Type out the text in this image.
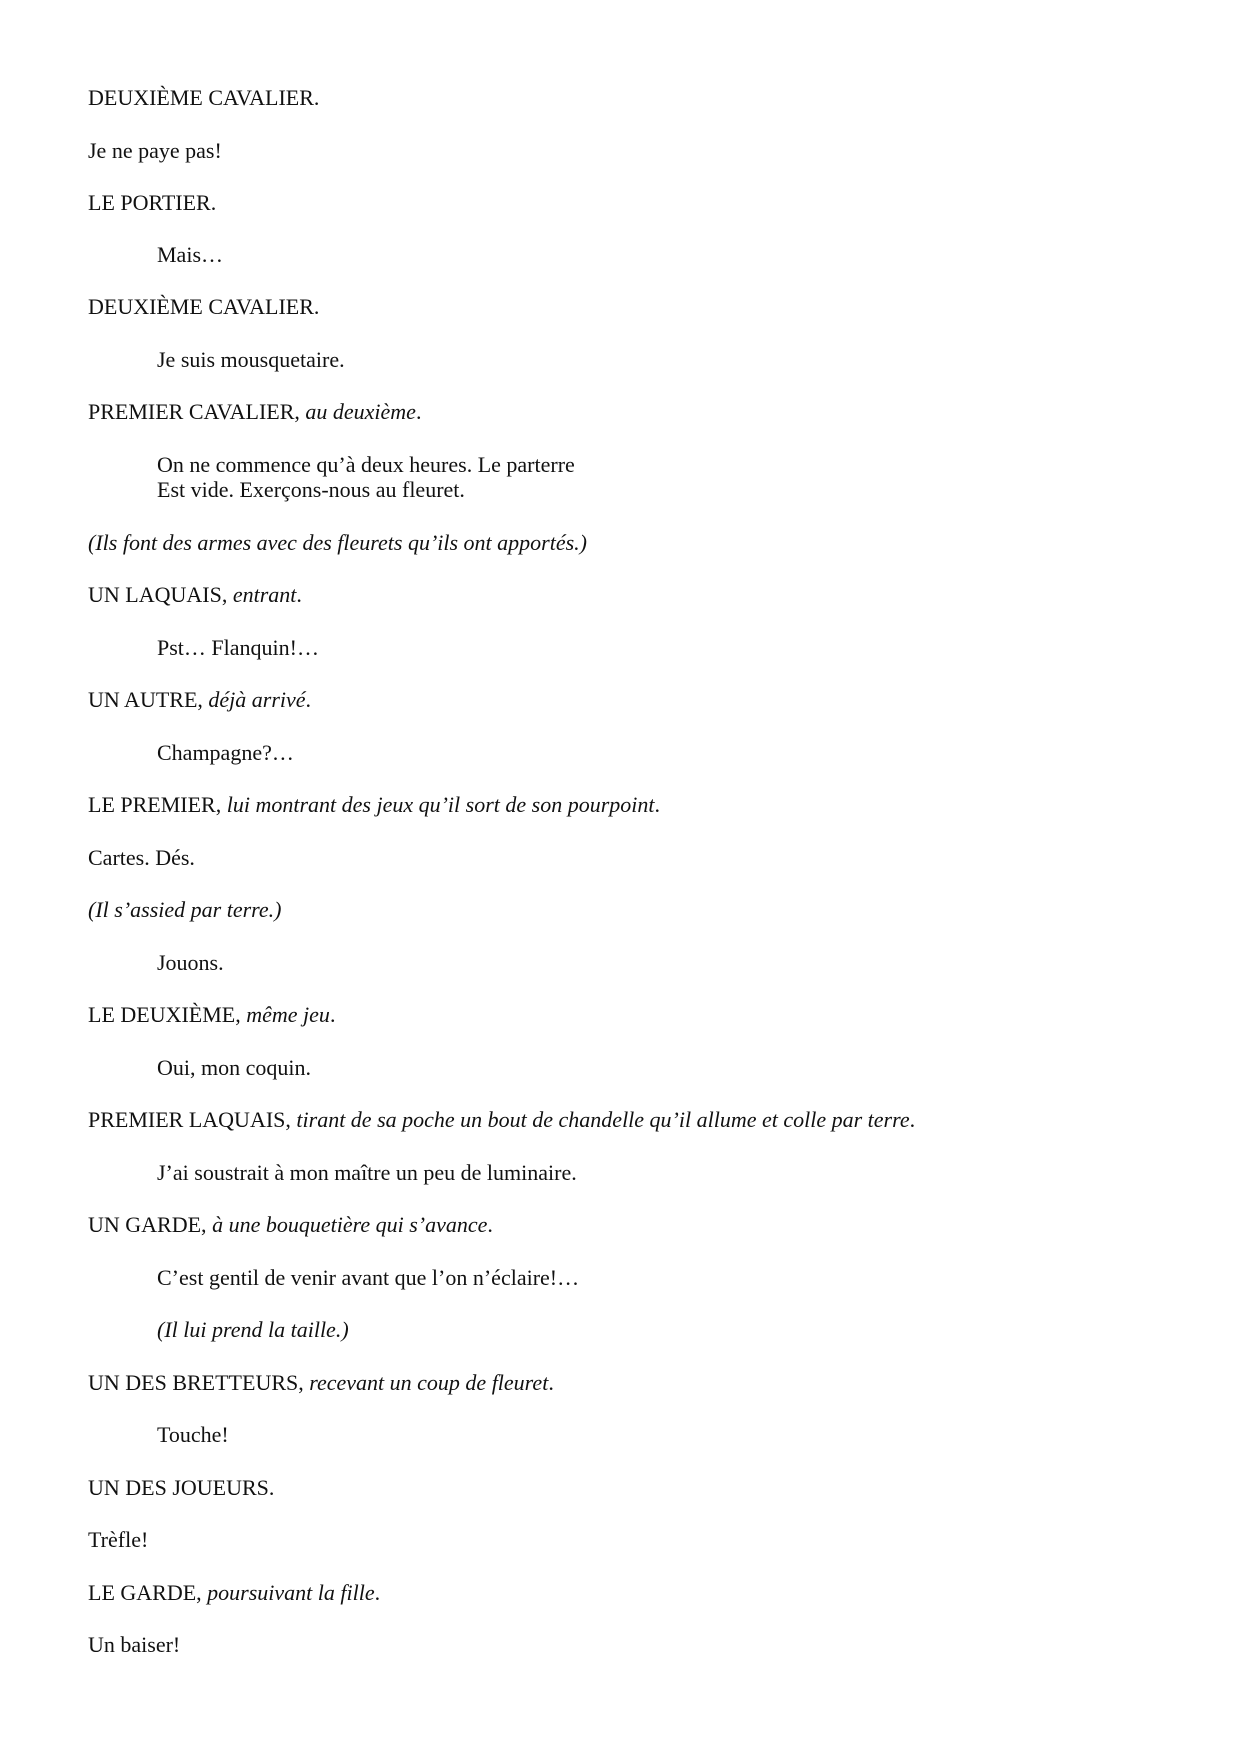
DEUXIÈME CAVALIER.

Je ne paye pas!

LE PORTIER.

Mais…

DEUXIÈME CAVALIER.

Je suis mousquetaire.

PREMIER CAVALIER, au deuxième.

On ne commence qu’à deux heures. Le parterre

Est vide. Exerçons-nous au fleuret.

(Ils font des armes avec des fleurets qu’ils ont apportés.)

UN LAQUAIS, entrant.

Pst… Flanquin!…

UN AUTRE, déjà arrivé.

Champagne?…

LE PREMIER, lui montrant des jeux qu’il sort de son pourpoint.

Cartes. Dés.

(Il s’assied par terre.)

Jouons.

LE DEUXIÈME, même jeu.

Oui, mon coquin.

PREMIER LAQUAIS, tirant de sa poche un bout de chandelle qu’il allume et colle par terre.

J’ai soustrait à mon maître un peu de luminaire.

UN GARDE, à une bouquetière qui s’avance.

C’est gentil de venir avant que l’on n’éclaire!…

(Il lui prend la taille.)

UN DES BRETTEURS, recevant un coup de fleuret.

Touche!

UN DES JOUEURS.

Trèfle!

LE GARDE, poursuivant la fille.

Un baiser!
